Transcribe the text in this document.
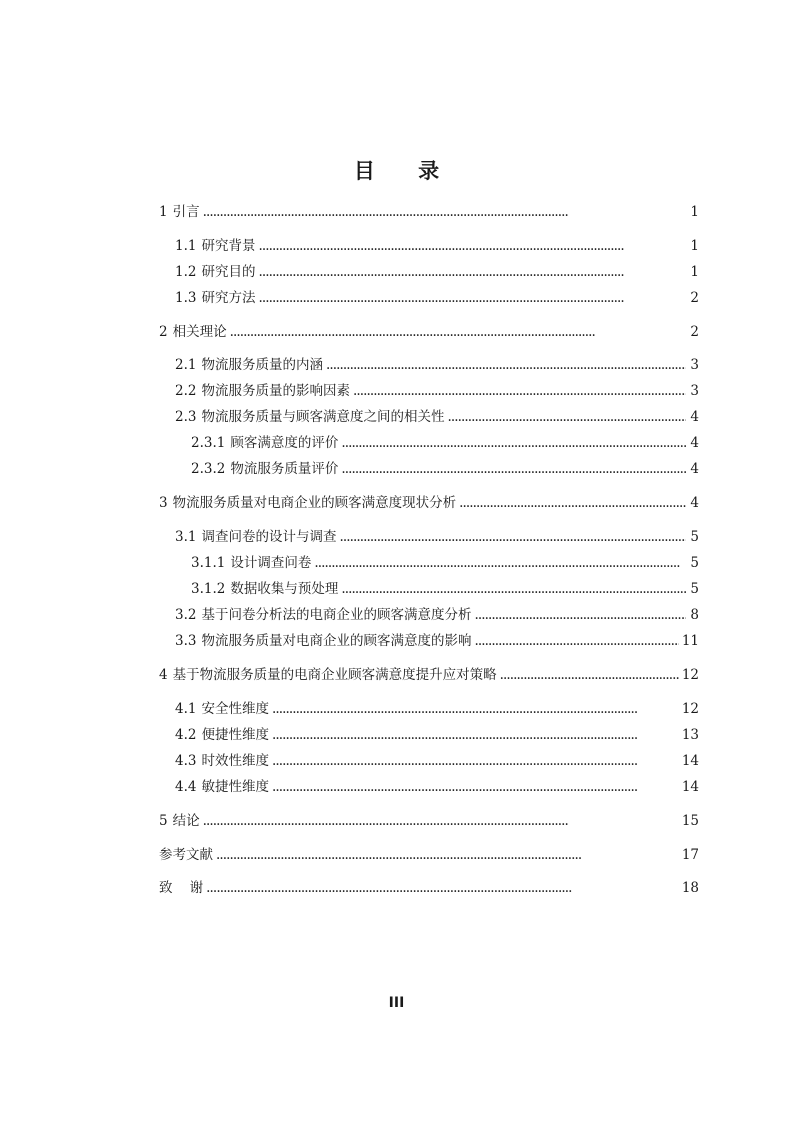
目 录
1 引言 . . .	1
1.1 研究背景 . . .	1
1.2 研究目的 . . .	1
1.3 研究方法 . . .	2
2 相关理论 . . .	2
2.1 物流服务质量的内涵 . . .	3
2.2 物流服务质量的影响因素 . . .	3
2.3 物流服务质量与顾客满意度之间的相关性 . . .	4
2.3.1 顾客满意度的评价 . . .	4
2.3.2 物流服务质量评价 . . .	4
3 物流服务质量对电商企业的顾客满意度现状分析 . . .	4
3.1 调查问卷的设计与调查 . . .	5
3.1.1 设计调查问卷 . . .	5
3.1.2 数据收集与预处理 . . .	5
3.2 基于问卷分析法的电商企业的顾客满意度分析 . . .	8
3.3 物流服务质量对电商企业的顾客满意度的影响 . . .	11
4 基于物流服务质量的电商企业顾客满意度提升应对策略 . . .	12
4.1 安全性维度 . . .	12
4.2 便捷性维度 . . .	13
4.3 时效性维度 . . .	14
4.4 敏捷性维度 . . .	14
5 结论 . . .	15
参考文献 . . .	17
致    谢 . . .	18
III
